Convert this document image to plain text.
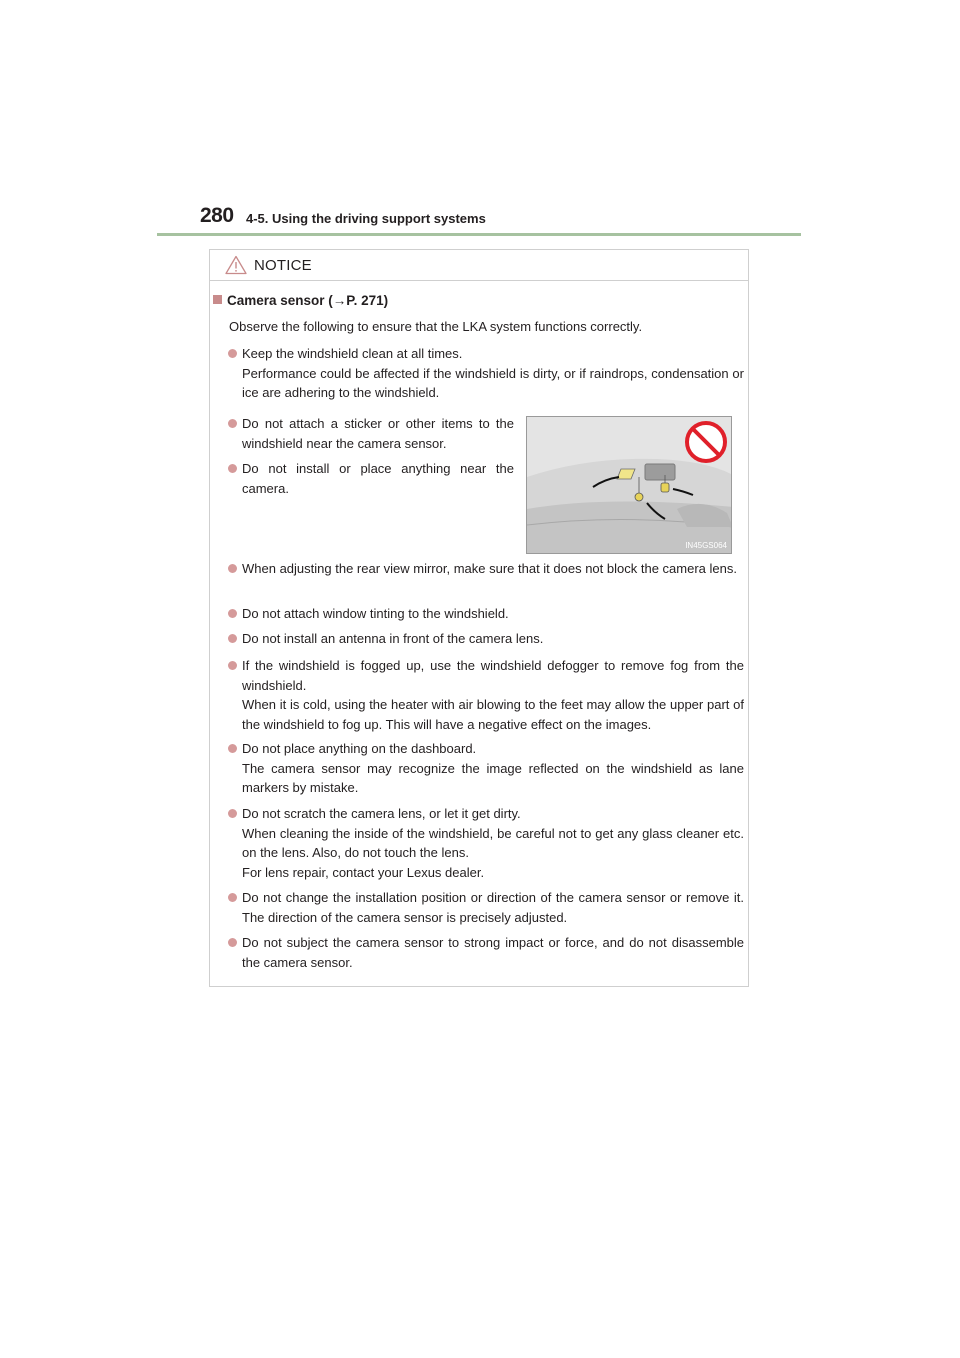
280 4-5. Using the driving support systems
NOTICE
Camera sensor (→P. 271)
Observe the following to ensure that the LKA system functions correctly.

Keep the windshield clean at all times.

Performance could be affected if the windshield is dirty, or if raindrops, condensation or ice are adhering to the windshield.

Do not attach a sticker or other items to the windshield near the camera sensor.

Do not install or place anything near the camera.

IN45GS064

When adjusting the rear view mirror, make sure that it does not block the camera lens.

Do not attach window tinting to the windshield.

Do not install an antenna in front of the camera lens.

If the windshield is fogged up, use the windshield defogger to remove fog from the windshield.

When it is cold, using the heater with air blowing to the feet may allow the upper part of the windshield to fog up. This will have a negative effect on the images.

Do not place anything on the dashboard.

The camera sensor may recognize the image reflected on the windshield as lane markers by mistake.

Do not scratch the camera lens, or let it get dirty.

When cleaning the inside of the windshield, be careful not to get any glass cleaner etc. on the lens. Also, do not touch the lens.

For lens repair, contact your Lexus dealer.

Do not change the installation position or direction of the camera sensor or remove it. The direction of the camera sensor is precisely adjusted.

Do not subject the camera sensor to strong impact or force, and do not disassemble the camera sensor.
